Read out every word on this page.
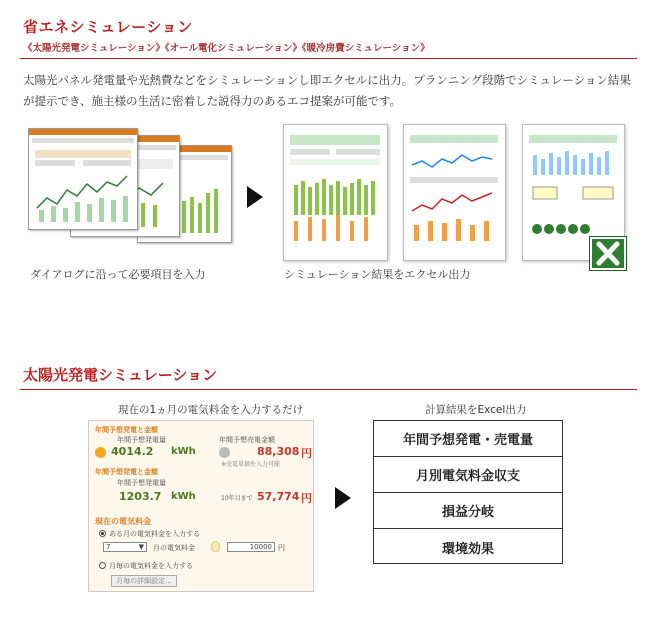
省エネシミュレーション
《太陽光発電シミュレーション》《オール電化シミュレーション》《暖冷房費シミュレーション》
太陽光パネル発電量や光熱費などをシミュレーションし即エクセルに出力。プランニング段階でシミュレーション結果が提示でき、施主様の生活に密着した説得力のあるエコ提案が可能です。
ダイアログに沿って必要項目を入力	シミュレーション結果をエクセル出力
太陽光発電シミュレーション
現在の1ヵ月の電気料金を入力するだけ	計算結果をExcel出力
年間予想発電と金額
年間予想発電量
4014.2 kWh
年間予想売電金額
88,308 円
※売電単価を入力可能
年間予想発電と金額
年間予想発電量
1203.7 kWh	10年目まで 57,774 円
現在の電気料金
ある月の電気料金を入力する
7	▼ 月の電気料金	10000 円
月毎の電気料金を入力する
月毎の詳細設定...
年間予想発電・売電量
月別電気料金収支
損益分岐
環境効果
